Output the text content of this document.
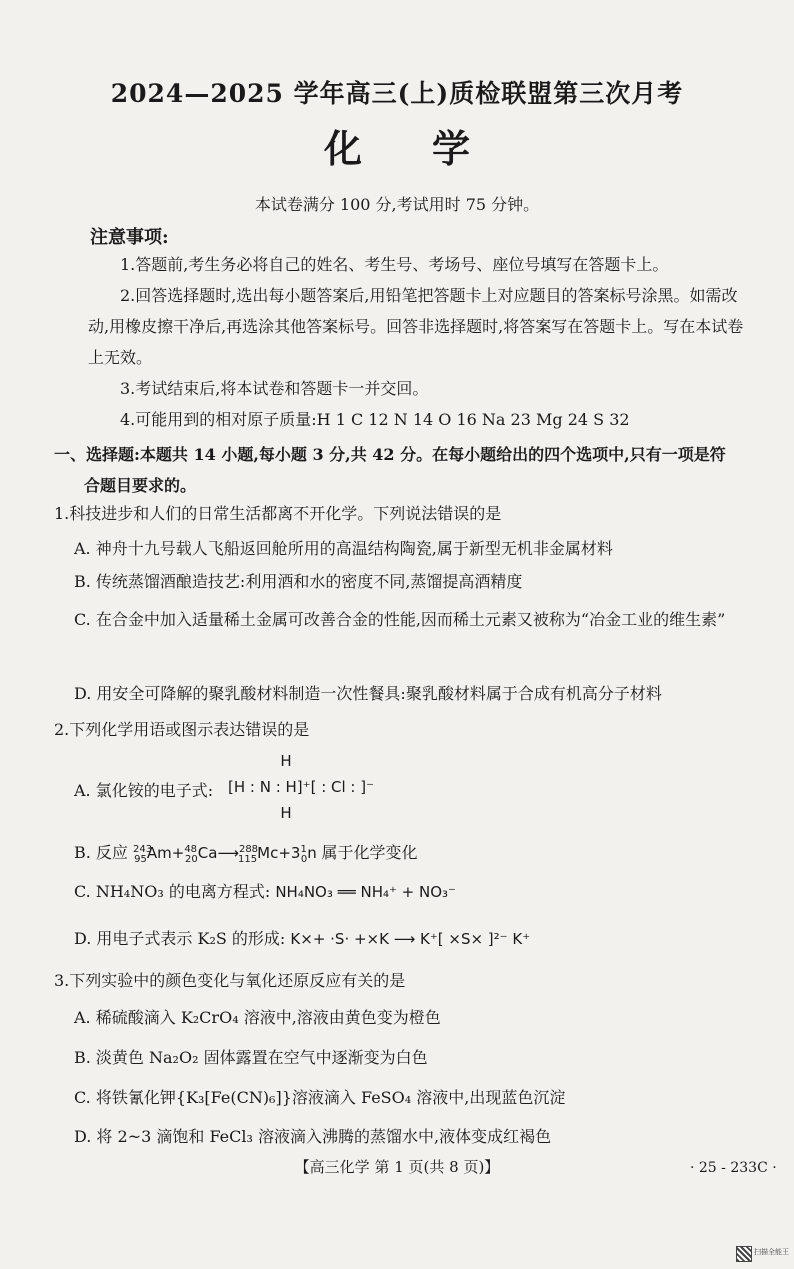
2024—2025 学年高三(上)质检联盟第三次月考
化学
本试卷满分 100 分,考试用时 75 分钟。
注意事项:

1.答题前,考生务必将自己的姓名、考生号、考场号、座位号填写在答题卡上。

2.回答选择题时,选出每小题答案后,用铅笔把答题卡上对应题目的答案标号涂黑。如需改动,用橡皮擦干净后,再选涂其他答案标号。回答非选择题时,将答案写在答题卡上。写在本试卷上无效。

3.考试结束后,将本试卷和答题卡一并交回。

4.可能用到的相对原子质量:H 1 C 12 N 14 O 16 Na 23 Mg 24 S 32

一、选择题:本题共 14 小题,每小题 3 分,共 42 分。在每小题给出的四个选项中,只有一项是符
合题目要求的。
1.科技进步和人们的日常生活都离不开化学。下列说法错误的是
A. 神舟十九号载人飞船返回舱所用的高温结构陶瓷,属于新型无机非金属材料
B. 传统蒸馏酒酿造技艺:利用酒和水的密度不同,蒸馏提高酒精度
C. 在合金中加入适量稀土金属可改善合金的性能,因而稀土元素又被称为“冶金工业的维生素”
D. 用安全可降解的聚乳酸材料制造一次性餐具:聚乳酸材料属于合成有机高分子材料
2.下列化学用语或图示表达错误的是
A. 氯化铵的电子式:
H
[H : N : H]⁺[ : Cl : ]⁻
H
B. 反应 $^{243}_{95}Am+^{48}_{20}Ca⟶^{288}_{115}Mc+3^1_0n$ 属于化学变化
C. NH₄NO₃ 的电离方程式: NH₄NO₃ ══ NH₄⁺ + NO₃⁻
D. 用电子式表示 K₂S 的形成: K×+ ·S· +×K ⟶ K⁺[ ×S× ]²⁻ K⁺
3.下列实验中的颜色变化与氧化还原反应有关的是
A. 稀硫酸滴入 K₂CrO₄ 溶液中,溶液由黄色变为橙色
B. 淡黄色 Na₂O₂ 固体露置在空气中逐渐变为白色
C. 将铁氰化钾{K₃[Fe(CN)₆]}溶液滴入 FeSO₄ 溶液中,出现蓝色沉淀
D. 将 2~3 滴饱和 FeCl₃ 溶液滴入沸腾的蒸馏水中,液体变成红褐色
【高三化学 第 1 页(共 8 页)】	· 25 - 233C ·
扫描全能王
